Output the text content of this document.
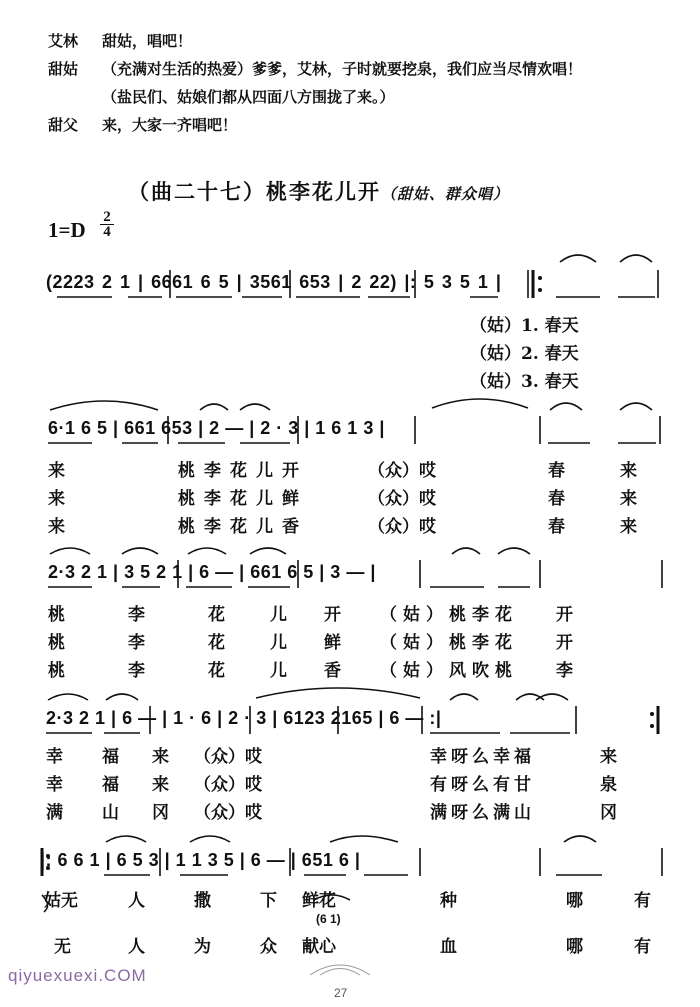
艾林 甜姑，唱吧！
甜姑 （充满对生活的热爱）爹爹，艾林，子时就要挖泉，我们应当尽情欢唱！
（盐民们、姑娘们都从四面八方围拢了来。）
甜父 来，大家一齐唱吧！
（曲二十七）桃李花儿开（甜姑、群众唱）
1=D
2
4
(2223 2 1 | 6661 6 5 | 3561 653 | 2 22) |: 5 3 5 1 |
（姑）1. 春天
（姑）2. 春天
（姑）3. 春天
6·1 6 5 | 661 653 | 2 — | 2 · 3 | 1 6 1 3 |
来	桃李花儿开	（众）哎	春	来
来	桃李花儿鲜	（众）哎	春	来
来	桃李花儿香	（众）哎	春	来
2·3 2 1 | 3 5 2 1 | 6 — | 661 6 5 | 3 — |
桃	李	花	儿 开 （姑）桃李花 开
桃	李	花	儿 鲜 （姑）桃李花 开
桃	李	花	儿 香 （姑）风吹桃 李
2·3 2 1 | 6 — | 1 · 6 | 2 · 3 | 6123 2165 | 6 — :|
幸 福 来 （众）哎	幸呀么幸福	来
幸 福 来 （众）哎	有呀么有甘	泉
满 山 冈 （众）哎	满呀么满山	冈
|: 6 6 1 | 6 5 3 | 1 1 3 5 | 6 — | 651 6 |
姑无	人	撒	下 鲜花	种	哪	有
(6 1)
无	人	为	众 献心	血	哪	有
qiyuexuexi.COM
27
